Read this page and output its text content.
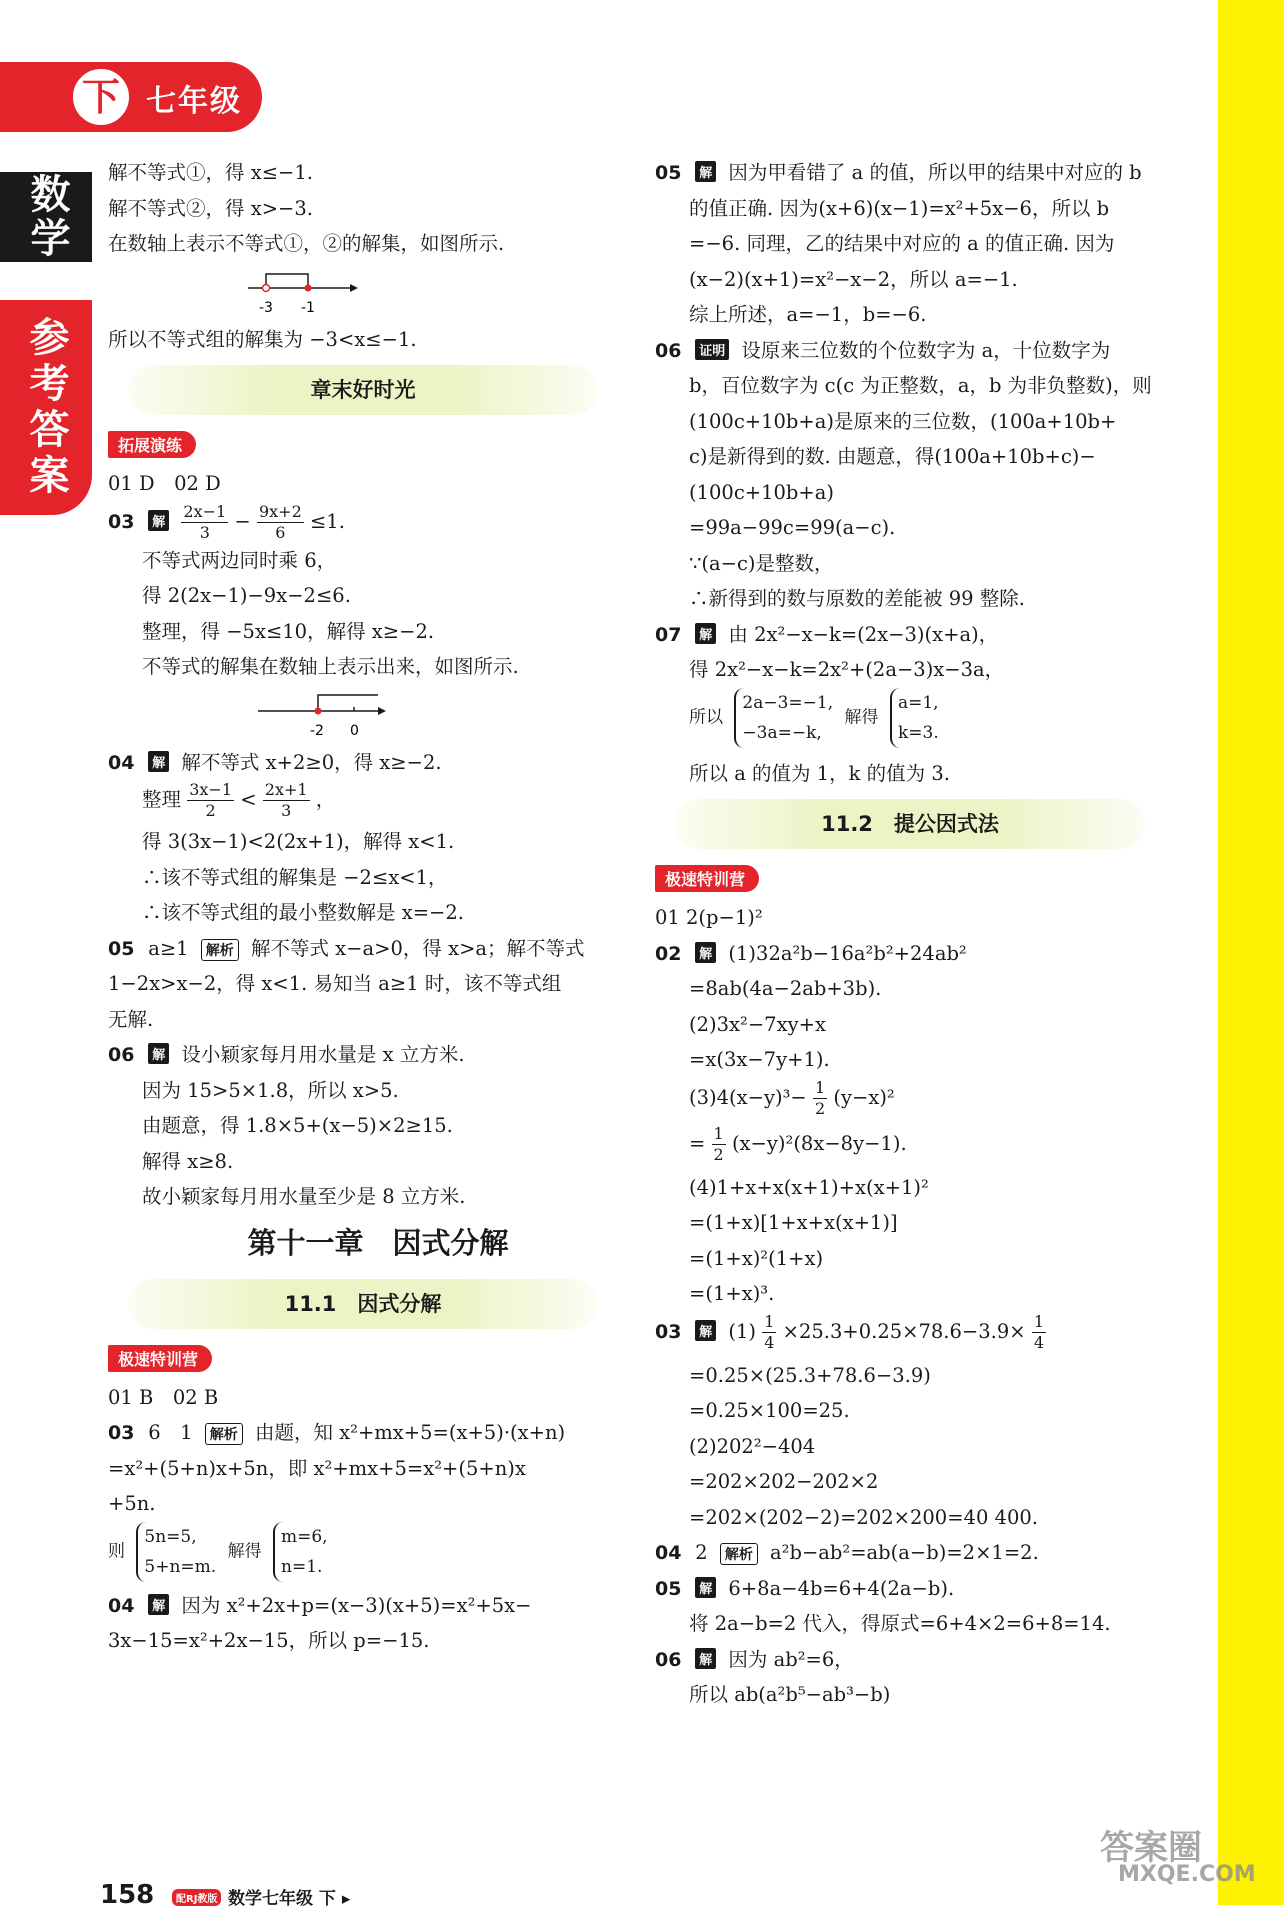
下 七年级
数学
参考答案
解不等式①，得 x≤−1.
解不等式②，得 x>−3.
在数轴上表示不等式①，②的解集，如图所示.
-3 -1
所以不等式组的解集为 −3<x≤−1.
章末好时光
拓展演练
01 D　02 D
03 解 $\frac{2x-1}{3} - \frac{9x+2}{6} \le 1$.
不等式两边同时乘 6，
得 2(2x−1)−9x−2≤6.
整理，得 −5x≤10，解得 x≥−2.
不等式的解集在数轴上表示出来，如图所示.
-2 0
04 解 解不等式 x+2≥0，得 x≥−2.
整理 $\frac{3x-1}{2} < \frac{2x+1}{3}$ ，
得 3(3x−1)<2(2x+1)，解得 x<1.
∴该不等式组的解集是 −2≤x<1，
∴该不等式组的最小整数解是 x=−2.
05 a≥1 解析 解不等式 x−a>0，得 x>a；解不等式
1−2x>x−2，得 x<1. 易知当 a≥1 时，该不等式组
无解.
06 解 设小颖家每月用水量是 x 立方米.
因为 15>5×1.8，所以 x>5.
由题意，得 1.8×5+(x−5)×2≥15.
解得 x≥8.
故小颖家每月用水量至少是 8 立方米.
第十一章　因式分解
11.1　因式分解
极速特训营
01 B　02 B
03 6　1 解析 由题，知 x²+mx+5=(x+5)·(x+n)
=x²+(5+n)x+5n，即 x²+mx+5=x²+(5+n)x
+5n.
则
5n=5,
5+n=m.
解得
m=6,
n=1.
04 解 因为 x²+2x+p=(x−3)(x+5)=x²+5x−
3x−15=x²+2x−15，所以 p=−15.
05 解 因为甲看错了 a 的值，所以甲的结果中对应的 b
的值正确. 因为(x+6)(x−1)=x²+5x−6，所以 b
=−6. 同理，乙的结果中对应的 a 的值正确. 因为
(x−2)(x+1)=x²−x−2，所以 a=−1.
综上所述，a=−1，b=−6.
06 证明 设原来三位数的个位数字为 a，十位数字为
b，百位数字为 c(c 为正整数，a，b 为非负整数)，则
(100c+10b+a)是原来的三位数，(100a+10b+
c)是新得到的数. 由题意，得(100a+10b+c)−
(100c+10b+a)
=99a−99c=99(a−c).
∵(a−c)是整数，
∴新得到的数与原数的差能被 99 整除.
07 解 由 2x²−x−k=(2x−3)(x+a)，
得 2x²−x−k=2x²+(2a−3)x−3a，
所以
2a−3=−1,
−3a=−k,
解得
a=1,
k=3.
所以 a 的值为 1，k 的值为 3.
11.2　提公因式法
极速特训营
01 2(p−1)²
02 解 (1)32a²b−16a²b²+24ab²
=8ab(4a−2ab+3b).
(2)3x²−7xy+x
=x(3x−7y+1).
$(3)4(x-y)^3- \frac{1}{2} (y-x)^2$
= $\frac{1}{2} (x-y)^2(8x-8y-1)$.
(4)1+x+x(x+1)+x(x+1)²
=(1+x)[1+x+x(x+1)]
=(1+x)²(1+x)
=(1+x)³.
03 解 $(1) \frac{1}{4} \times 25.3+0.25\times 78.6-3.9\times \frac{1}{4}$
=0.25×(25.3+78.6−3.9)
=0.25×100=25.
(2)202²−404
=202×202−202×2
=202×(202−2)=202×200=40 400.
04 2 解析 a²b−ab²=ab(a−b)=2×1=2.
05 解 6+8a−4b=6+4(2a−b).
将 2a−b=2 代入，得原式=6+4×2=6+8=14.
06 解 因为 ab²=6，
所以 ab(a²b⁵−ab³−b)
158	配RJ教版 数学七年级 下 ▸
答案圈
MXQE.COM
